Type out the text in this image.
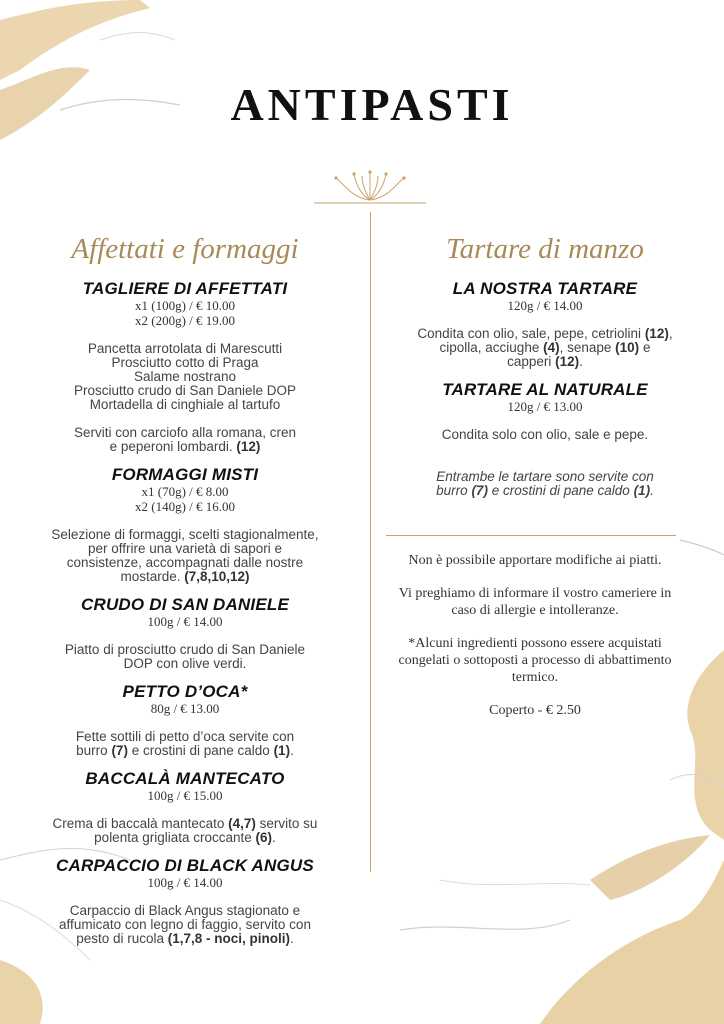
ANTIPASTI
Affettati e formaggi

TAGLIERE DI AFFETTATI

x1 (100g) / € 10.00

x2 (200g) / € 19.00

Pancetta arrotolata di Marescutti

Prosciutto cotto di Praga

Salame nostrano

Prosciutto crudo di San Daniele DOP

Mortadella di cinghiale al tartufo

Serviti con carciofo alla romana, cren

e peperoni lombardi. (12)

FORMAGGI MISTI

x1 (70g) / € 8.00

x2 (140g) / € 16.00

Selezione di formaggi, scelti stagionalmente,

per offrire una varietà di sapori e

consistenze, accompagnati dalle nostre

mostarde. (7,8,10,12)

CRUDO DI SAN DANIELE

100g / € 14.00

Piatto di prosciutto crudo di San Daniele

DOP con olive verdi.

PETTO D’OCA*

80g / € 13.00

Fette sottili di petto d’oca servite con

burro (7) e crostini di pane caldo (1).

BACCALÀ MANTECATO

100g / € 15.00

Crema di baccalà mantecato (4,7) servito su

polenta grigliata croccante (6).

CARPACCIO DI BLACK ANGUS

100g / € 14.00

Carpaccio di Black Angus stagionato e

affumicato con legno di faggio, servito con

pesto di rucola (1,7,8 - noci, pinoli).

Tartare di manzo

LA NOSTRA TARTARE

120g / € 14.00

Condita con olio, sale, pepe, cetriolini (12),

cipolla, acciughe (4), senape (10) e

capperi (12).

TARTARE AL NATURALE

120g / € 13.00

Condita solo con olio, sale e pepe.

Entrambe le tartare sono servite con

burro (7) e crostini di pane caldo (1).

Non è possibile apportare modifiche ai piatti.

Vi preghiamo di informare il vostro cameriere in caso di allergie e intolleranze.

*Alcuni ingredienti possono essere acquistati congelati o sottoposti a processo di abbattimento termico.

Coperto - € 2.50
